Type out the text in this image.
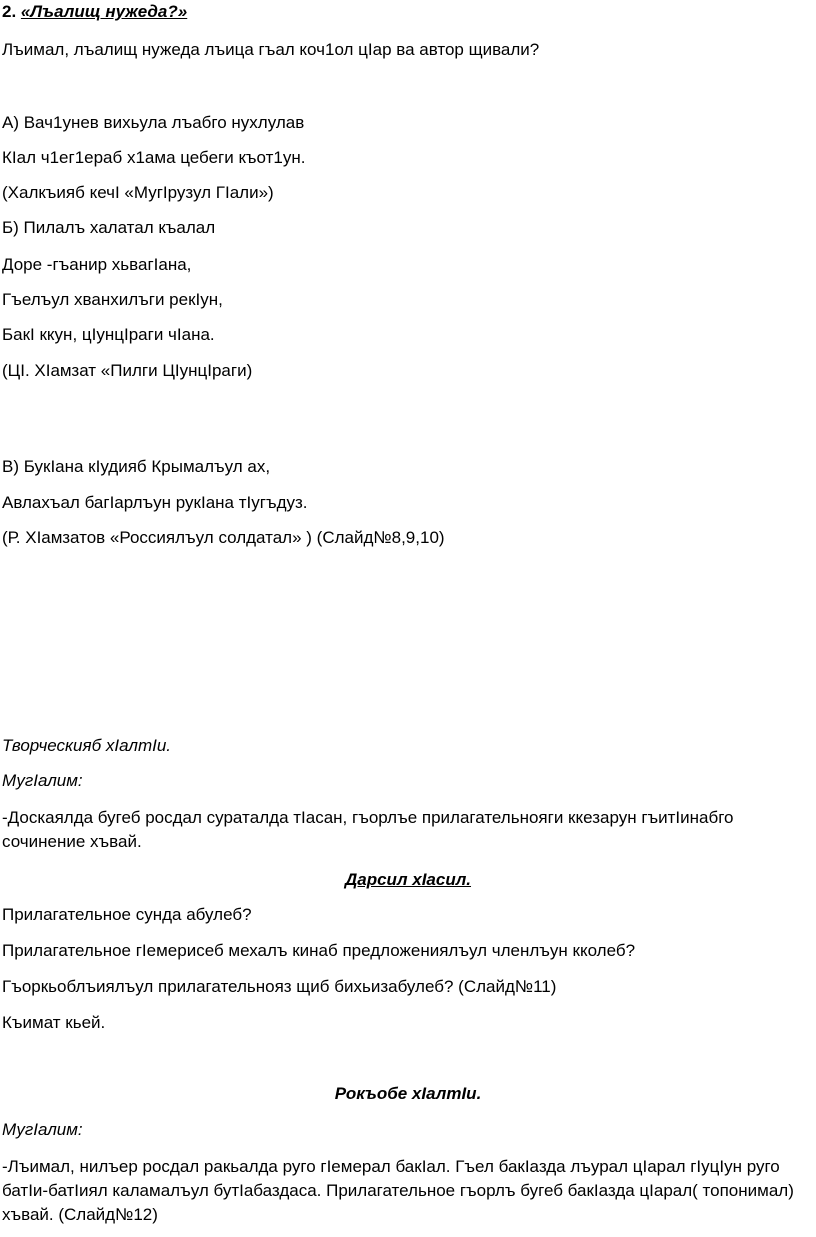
2. «Лъалищ нужеда?»
Лъимал, лъалищ нужеда лъица гъал коч1ол цIар ва автор щивали?
А) Вач1унев вихьула лъабго нухлулав
КIал ч1ег1ераб х1ама цебеги къот1ун.
(Халкъияб кечI «МугIрузул ГIали»)
Б) Пилалъ халатал къалал
Доре -гъанир хьвагIана,
Гъелъул хванхилъги рекIун,
БакI ккун, цIунцIраги чIана.
(ЦI. ХIамзат «Пилги ЦIунцIраги)
В) БукIана кIудияб Крымалъул ах,
Авлахъал багIарлъун рукIана тIугъдуз.
(Р. ХIамзатов «Россиялъул солдатал» ) (Слайд№8,9,10)
Творческияб хIалтIи.
МугIалим:
-Доскаялда бугеб росдал суратaлда тIасан, гъорлъе прилагательнояги ккезарун гъитIинабго сочинение хъвай.
Дарсил хIасил.
Прилагательное сунда абулеб?
Прилагательное гIемерисеб мехалъ кинаб предложениялъул членлъун кколеб?
Гъоркьоблъиялъул прилагательнояз щиб бихьизабулеб? (Слайд№11)
Къимат кьей.
Рокъобе хIалтIи.
МугIалим:
-Лъимал, нилъер росдал ракьалда руго гIемерал бакIал. Гъел бакIазда лъурал цIарал гIуцIун руго батIи-батIиял каламалъул бутIабаздаса. Прилагательное гъорлъ бугеб бакIазда цIарал( топонимал) хъвай. (Слайд№12)
